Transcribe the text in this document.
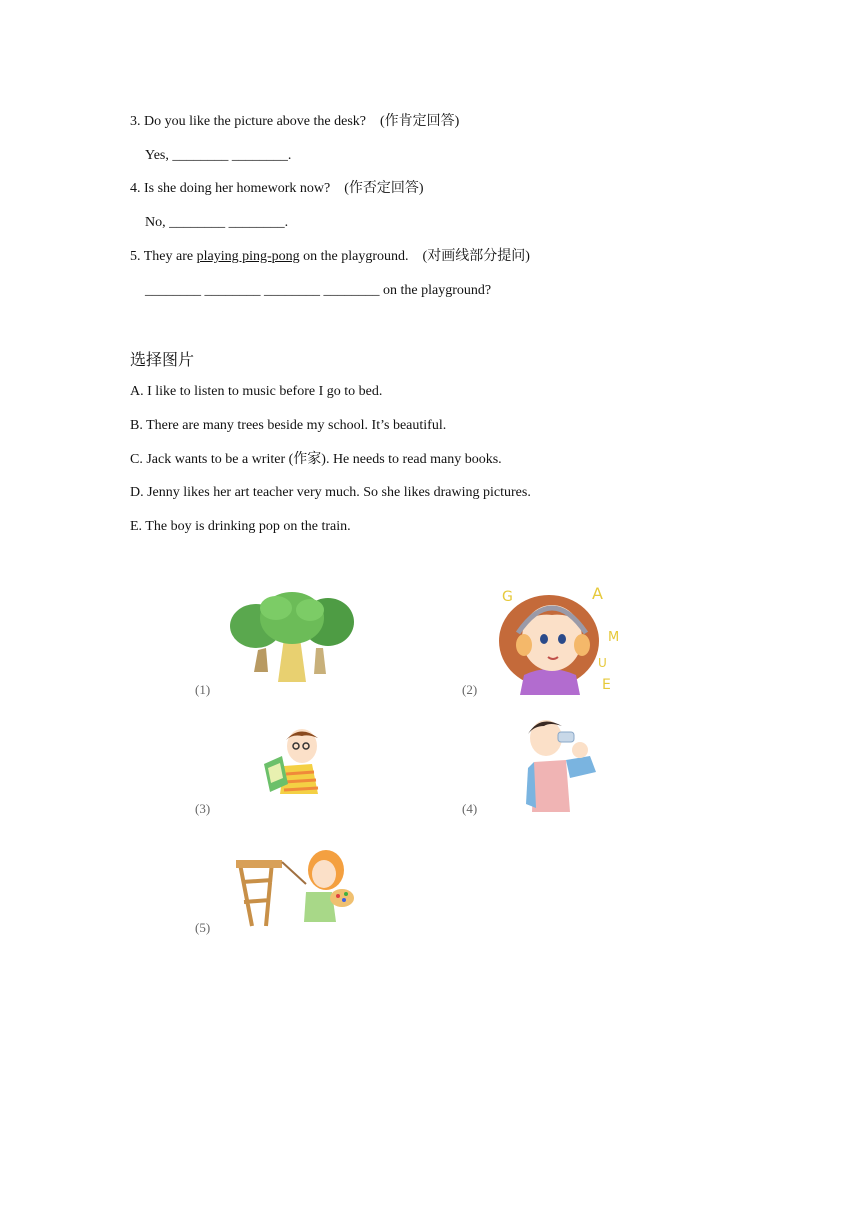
3. Do you like the picture above the desk? (作肯定回答)
Yes, ________ ________.
4. Is she doing her homework now? (作否定回答)
No, ________ ________.
5. They are playing ping-pong on the playground. (对画线部分提问)
________ ________ ________ ________ on the playground?
选择图片
A. I like to listen to music before I go to bed.
B. There are many trees beside my school. It’s beautiful.
C. Jack wants to be a writer (作家). He needs to read many books.
D. Jenny likes her art teacher very much. So she likes drawing pictures.
E. The boy is drinking pop on the train.
(1)	(2)
(3)	(4)
(5)
G	A
M
U
E
